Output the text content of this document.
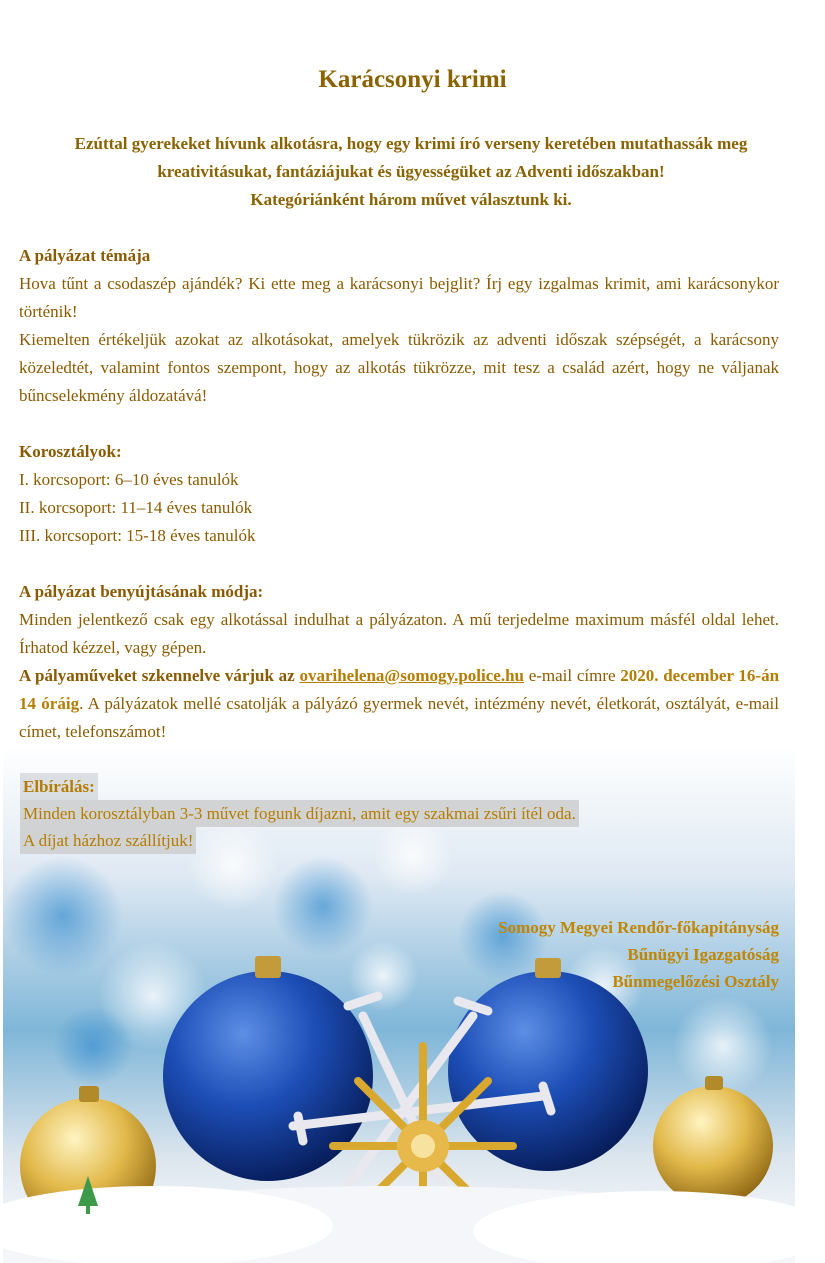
Karácsonyi krimi
Ezúttal gyerekeket hívunk alkotásra, hogy egy krimi író verseny keretében mutathassák meg
kreativitásukat, fantáziájukat és ügyességüket az Adventi időszakban!
Kategóriánként három művet választunk ki.

A pályázat témája

Hova tűnt a csodaszép ajándék? Ki ette meg a karácsonyi bejglit? Írj egy izgalmas krimit, ami karácsonykor történik!

Kiemelten értékeljük azokat az alkotásokat, amelyek tükrözik az adventi időszak szépségét, a karácsony közeledtét, valamint fontos szempont, hogy az alkotás tükrözze, mit tesz a család azért, hogy ne váljanak bűncselekmény áldozatává!

Korosztályok:

I. korcsoport: 6–10 éves tanulók

II. korcsoport: 11–14 éves tanulók

III. korcsoport: 15-18 éves tanulók

A pályázat benyújtásának módja:

Minden jelentkező csak egy alkotással indulhat a pályázaton. A mű terjedelme maximum másfél oldal lehet. Írhatod kézzel, vagy gépen.

A pályaműveket szkennelve várjuk az ovarihelena@somogy.police.hu e-mail címre 2020. december 16-án 14 óráig. A pályázatok mellé csatolják a pályázó gyermek nevét, intézmény nevét, életkorát, osztályát, e-mail címet, telefonszámot!

Elbírálás:
Minden korosztályban 3-3 művet fogunk díjazni, amit egy szakmai zsűri ítél oda.
A díjat házhoz szállítjuk!
Somogy Megyei Rendőr-főkapitányság
Bűnügyi Igazgatóság
Bűnmegelőzési Osztály
